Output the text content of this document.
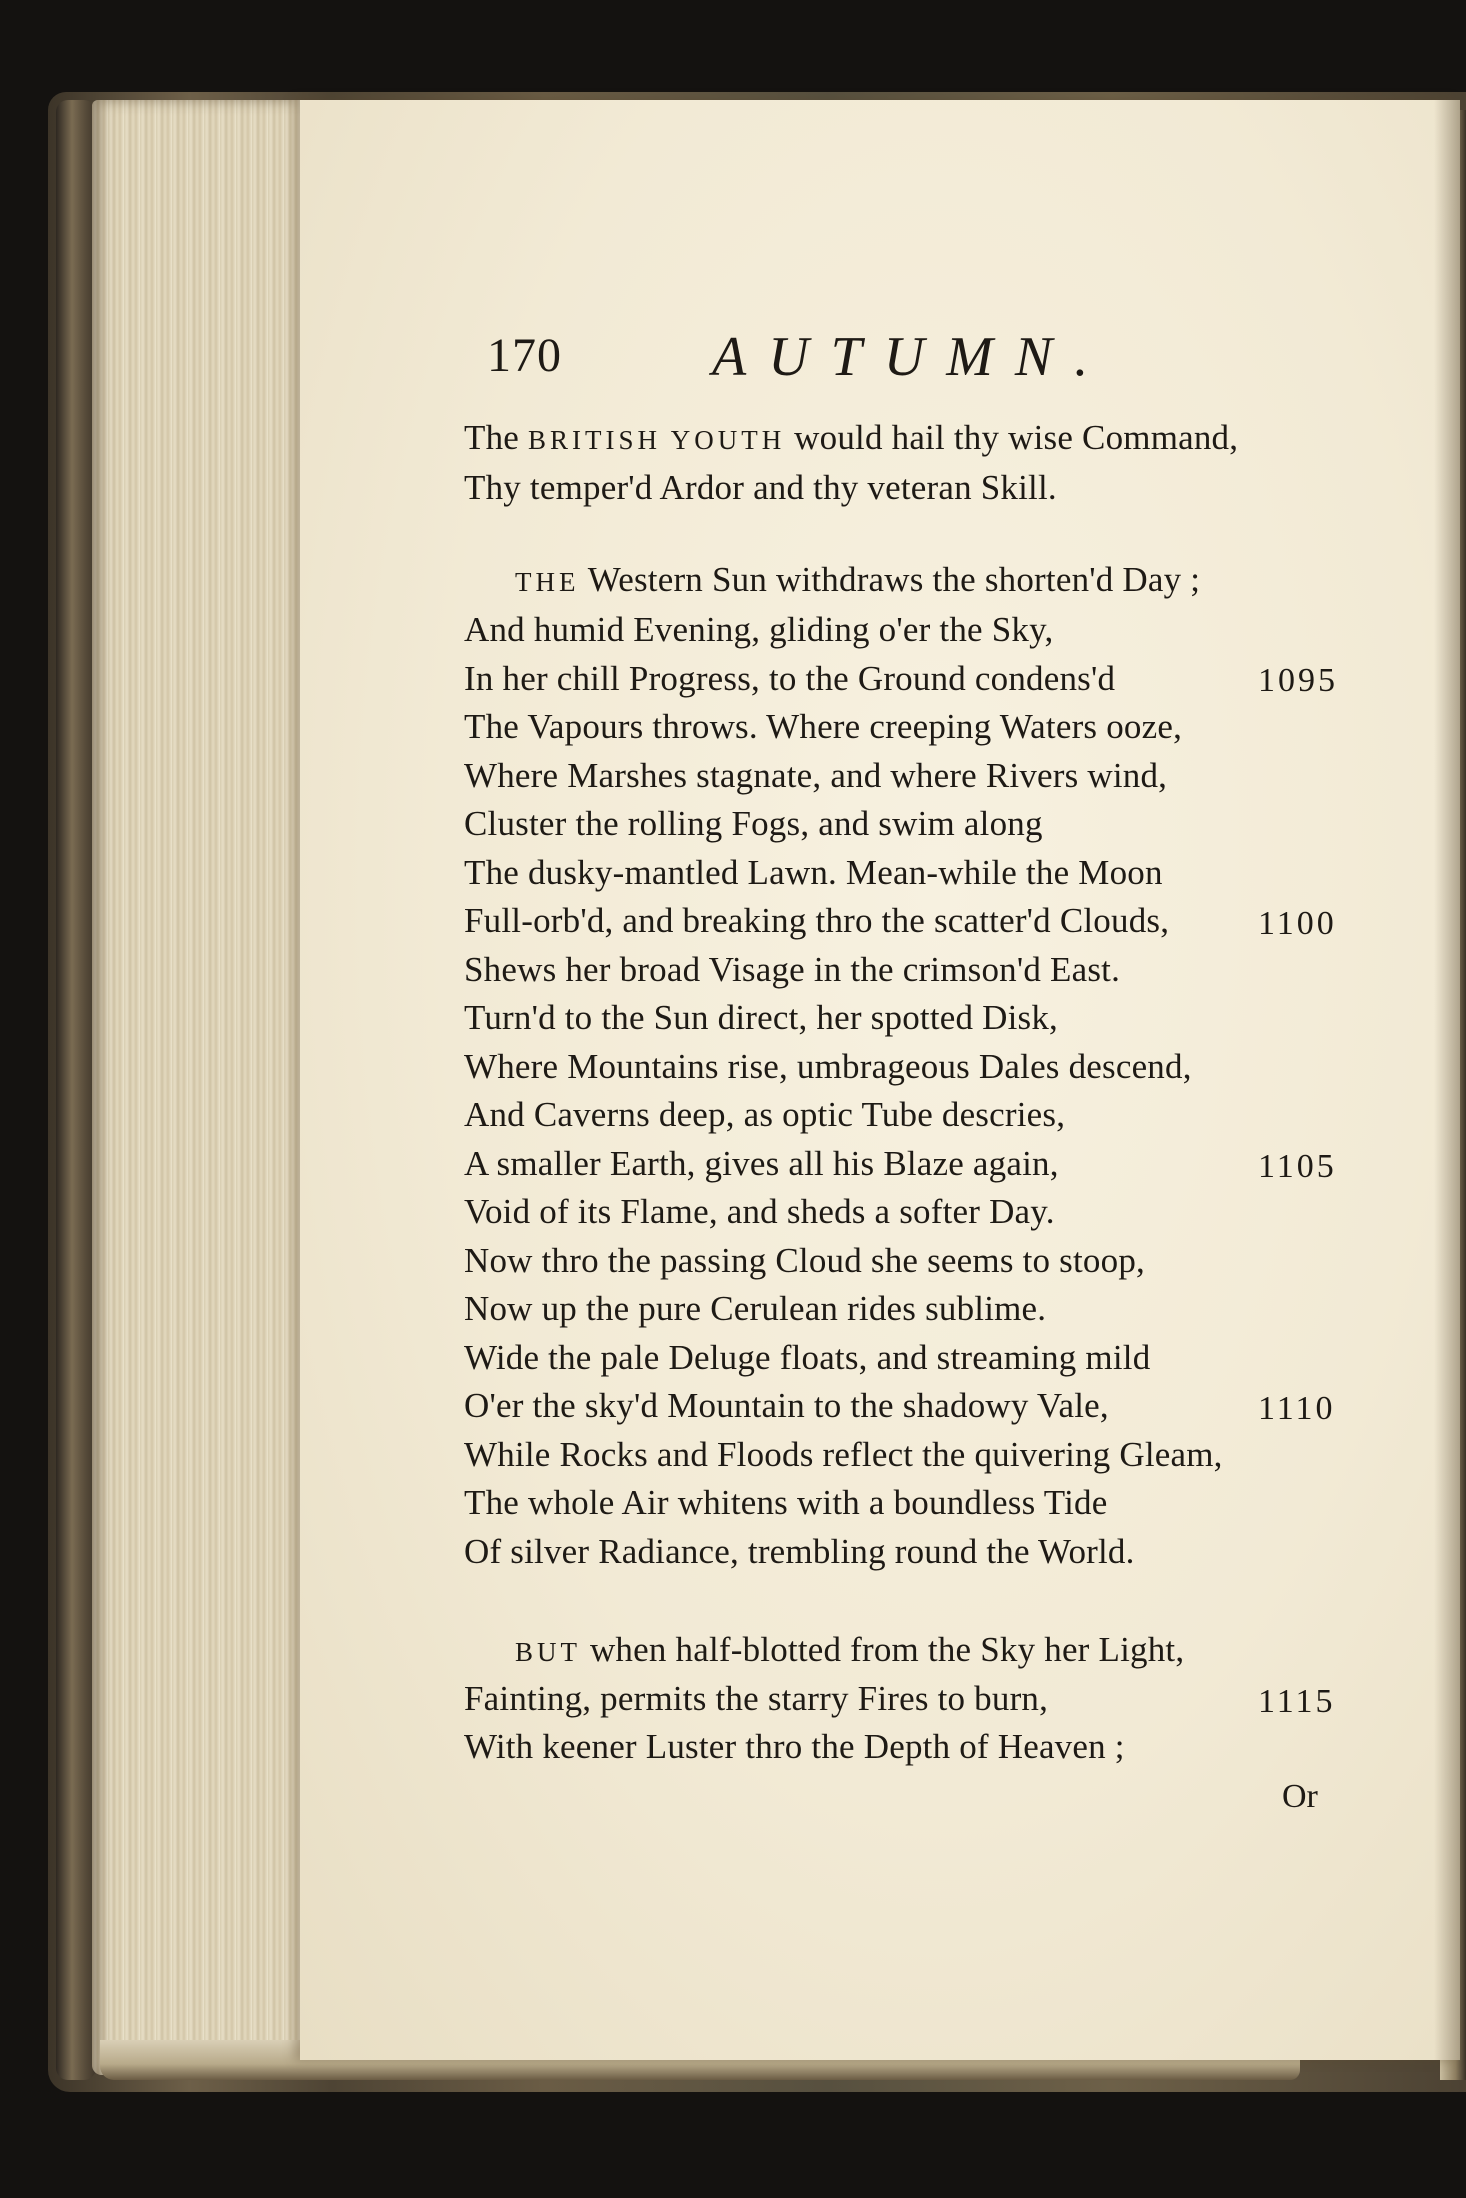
170	AUTUMN.
The BRITISH YOUTH would hail thy wise Command,
Thy temper'd Ardor and thy veteran Skill.
THE Western Sun withdraws the shorten'd Day ;
And humid Evening, gliding o'er the Sky,
In her chill Progress, to the Ground condens'd
The Vapours throws. Where creeping Waters ooze,
Where Marshes stagnate, and where Rivers wind,
Cluster the rolling Fogs, and swim along
The dusky-mantled Lawn. Mean-while the Moon
Full-orb'd, and breaking thro the scatter'd Clouds,
Shews her broad Visage in the crimson'd East.
Turn'd to the Sun direct, her spotted Disk,
Where Mountains rise, umbrageous Dales descend,
And Caverns deep, as optic Tube descries,
A smaller Earth, gives all his Blaze again,
Void of its Flame, and sheds a softer Day.
Now thro the passing Cloud she seems to stoop,
Now up the pure Cerulean rides sublime.
Wide the pale Deluge floats, and streaming mild
O'er the sky'd Mountain to the shadowy Vale,
While Rocks and Floods reflect the quivering Gleam,
The whole Air whitens with a boundless Tide
Of silver Radiance, trembling round the World.
BUT when half-blotted from the Sky her Light,
Fainting, permits the starry Fires to burn,
With keener Luster thro the Depth of Heaven ;
1095
1100
1105
1110
1115
Or
